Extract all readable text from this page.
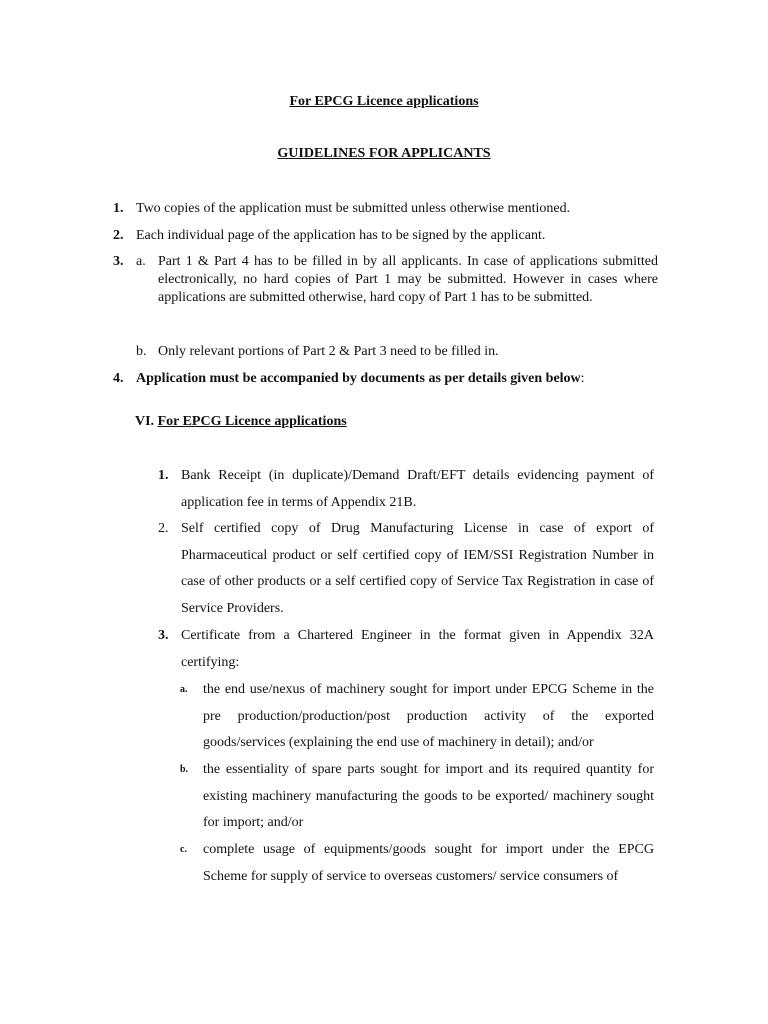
For EPCG Licence applications
GUIDELINES FOR APPLICANTS
1. Two copies of the application must be submitted unless otherwise mentioned.
2. Each individual page of the application has to be signed by the applicant.
3. a. Part 1 & Part 4 has to be filled in by all applicants. In case of applications submitted electronically, no hard copies of Part 1 may be submitted. However in cases where applications are submitted otherwise, hard copy of Part 1 has to be submitted.
b. Only relevant portions of Part 2 & Part 3 need to be filled in.
4. Application must be accompanied by documents as per details given below:
VI. For EPCG Licence applications
1. Bank Receipt (in duplicate)/Demand Draft/EFT details evidencing payment of application fee in terms of Appendix 21B.
2. Self certified copy of Drug Manufacturing License in case of export of Pharmaceutical product or self certified copy of IEM/SSI Registration Number in case of other products or a self certified copy of Service Tax Registration in case of Service Providers.
3. Certificate from a Chartered Engineer in the format given in Appendix 32A certifying:
a. the end use/nexus of machinery sought for import under EPCG Scheme in the pre production/production/post production activity of the exported goods/services (explaining the end use of machinery in detail); and/or
b. the essentiality of spare parts sought for import and its required quantity for existing machinery manufacturing the goods to be exported/ machinery sought for import; and/or
c. complete usage of equipments/goods sought for import under the EPCG Scheme for supply of service to overseas customers/ service consumers of
